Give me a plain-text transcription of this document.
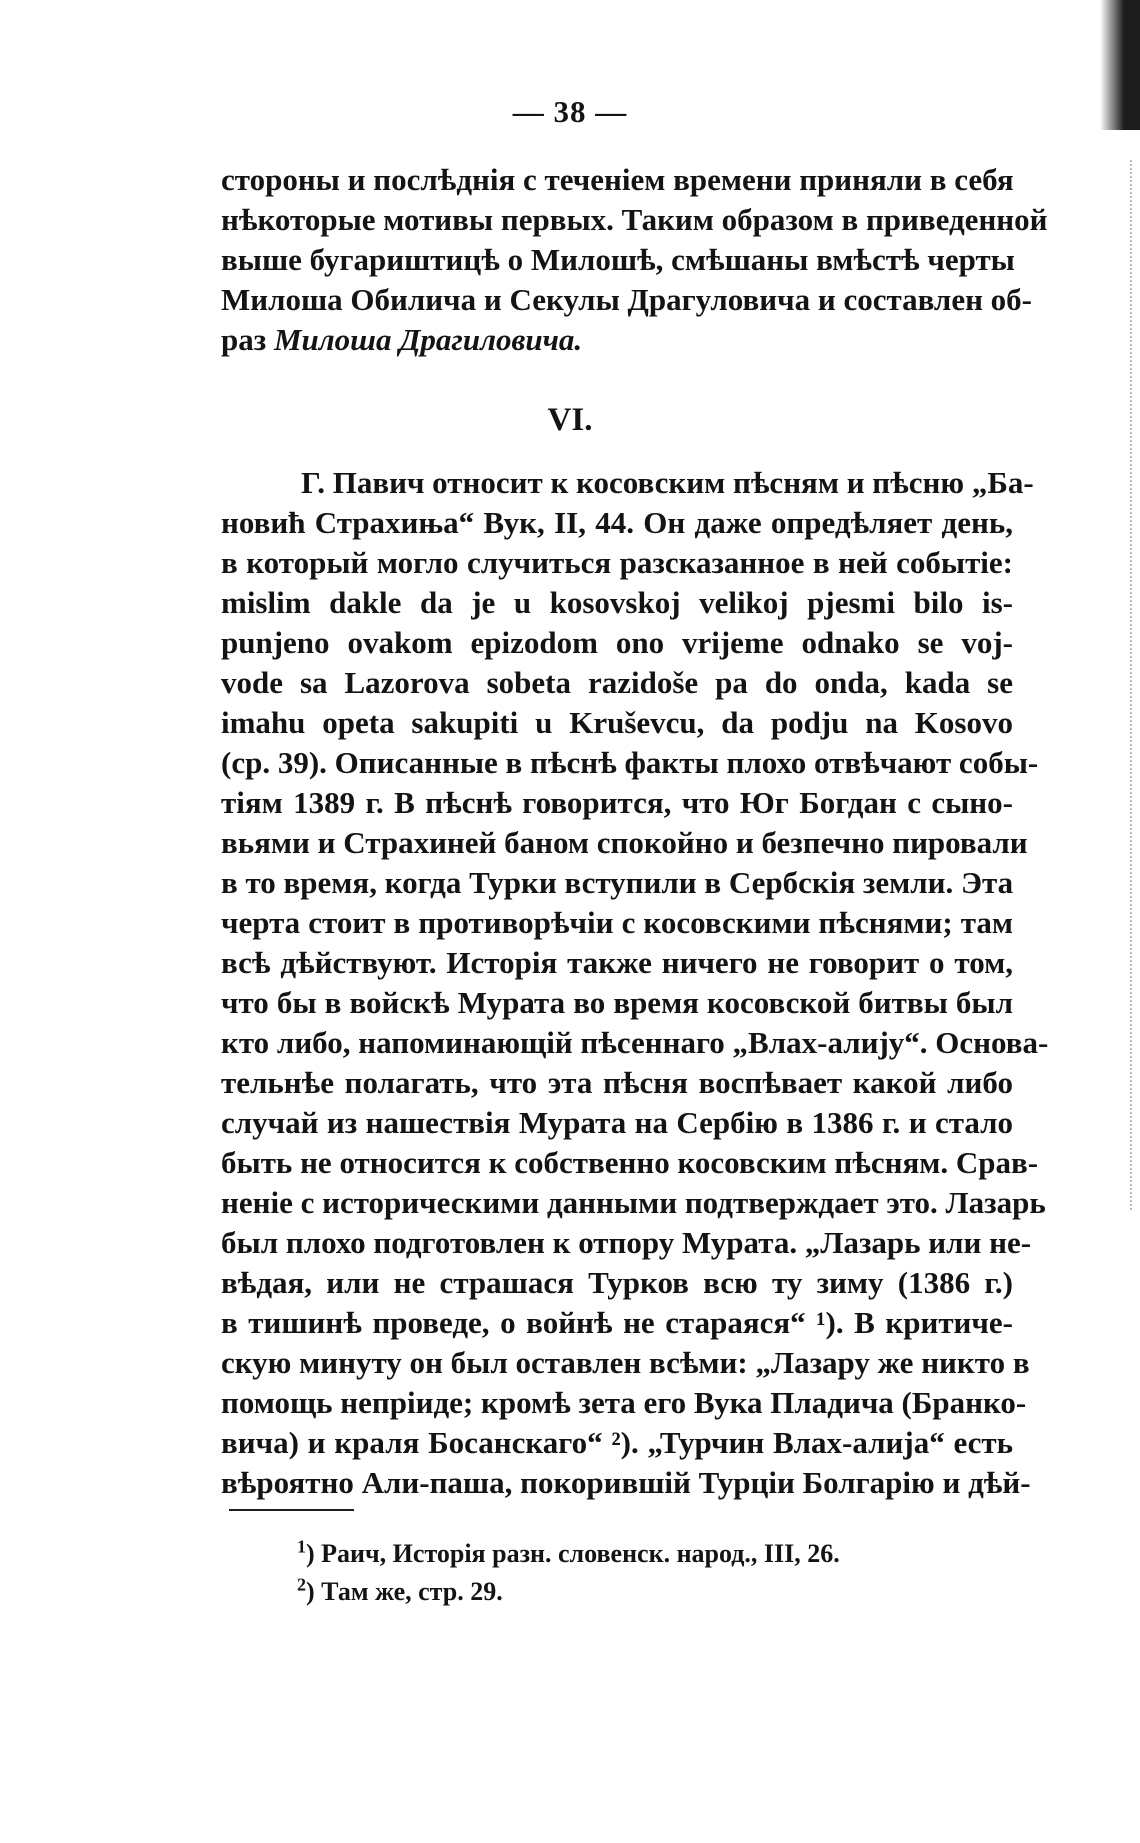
— 38 —
стороны и послѣднія с теченіем времени приняли в себя
нѣкоторые мотивы первых. Таким образом в приведенной
выше бугариштицѣ о Милошѣ, смѣшаны вмѣстѣ черты
Милоша Обилича и Секулы Драгуловича и составлен об-
раз Милоша Драгиловича.
VI.
Г. Павич относит к косовским пѣсням и пѣсню „Ба-
новић Страхиња“ Вук, II, 44. Он даже опредѣляет день,
в который могло случиться разсказанное в ней событіе:
mislim dakle da je u kosovskoj velikoj pjesmi bilo is-
punjeno ovakom epizodom ono vrijeme odnako se voj-
vode sa Lazorova sobeta razidoše pa do onda, kada se
imahu opeta sakupiti u Kruševcu, da podju na Kosovo
(ср. 39). Описанные в пѣснѣ факты плохо отвѣчают собы-
тіям 1389 г. В пѣснѣ говорится, что Юг Богдан с сыно-
вьями и Страхиней баном спокойно и безпечно пировали
в то время, когда Турки вступили в Сербскія земли. Эта
черта стоит в противорѣчіи с косовскими пѣснями; там
всѣ дѣйствуют. Исторія также ничего не говорит о том,
что бы в войскѣ Мурата во время косовской битвы был
кто либо, напоминающій пѣсеннаго „Влах-алију“. Основа-
тельнѣе полагать, что эта пѣсня воспѣвает какой либо
случай из нашествія Мурата на Сербію в 1386 г. и стало
быть не относится к собственно косовским пѣсням. Срав-
неніе с историческими данными подтверждает это. Лазарь
был плохо подготовлен к отпору Мурата. „Лазарь или не-
вѣдая, или не страшася Турков всю ту зиму (1386 г.)
в тишинѣ проведе, о войнѣ не стараяся“ ¹). В критиче-
скую минуту он был оставлен всѣми: „Лазару же никто в
помощь непріиде; кромѣ зета его Вука Пладича (Бранко-
вича) и краля Босанскаго“ ²). „Турчин Влах-алија“ есть
вѣроятно Али-паша, покорившій Турціи Болгарію и дѣй-
$^1$) Раич, Исторія разн. словенск. народ., III, 26.
$^2$) Там же, стр. 29.
